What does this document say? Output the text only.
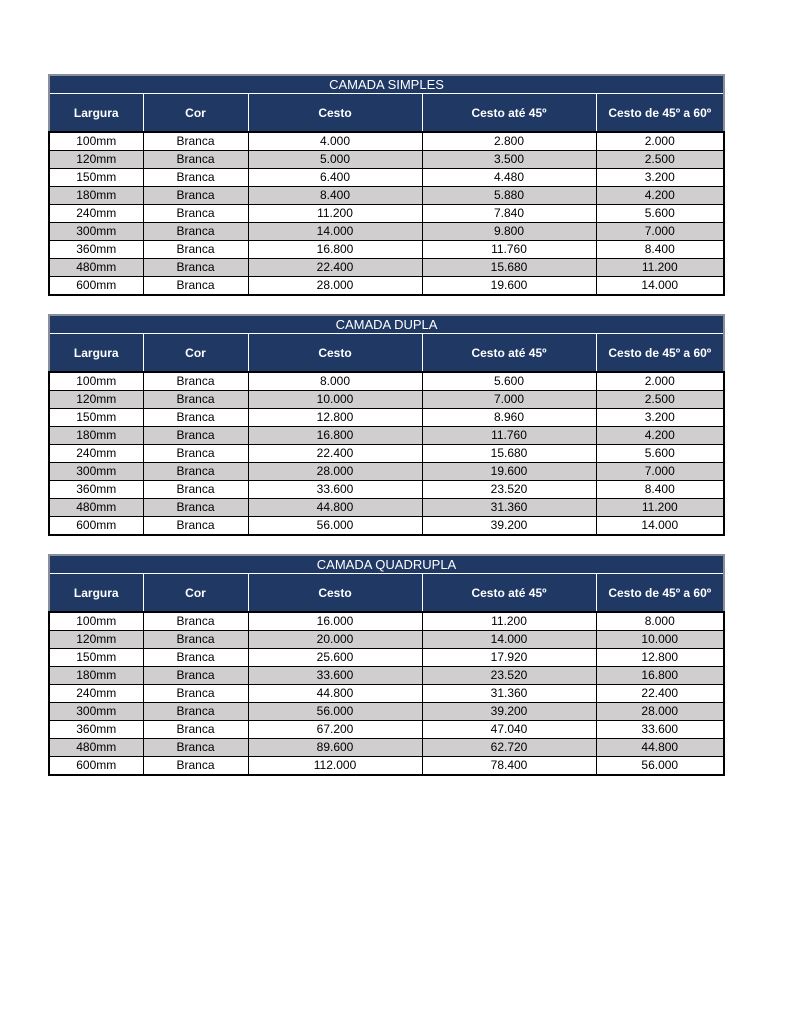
CAMADA SIMPLES				
Largura	Cor	Cesto	Cesto até 45º	Cesto de 45º a 60º
100mm	Branca	4.000	2.800	2.000
120mm	Branca	5.000	3.500	2.500
150mm	Branca	6.400	4.480	3.200
180mm	Branca	8.400	5.880	4.200
240mm	Branca	11.200	7.840	5.600
300mm	Branca	14.000	9.800	7.000
360mm	Branca	16.800	11.760	8.400
480mm	Branca	22.400	15.680	11.200
600mm	Branca	28.000	19.600	14.000
CAMADA DUPLA				
Largura	Cor	Cesto	Cesto até 45º	Cesto de 45º a 60º
100mm	Branca	8.000	5.600	2.000
120mm	Branca	10.000	7.000	2.500
150mm	Branca	12.800	8.960	3.200
180mm	Branca	16.800	11.760	4.200
240mm	Branca	22.400	15.680	5.600
300mm	Branca	28.000	19.600	7.000
360mm	Branca	33.600	23.520	8.400
480mm	Branca	44.800	31.360	11.200
600mm	Branca	56.000	39.200	14.000
CAMADA QUADRUPLA				
Largura	Cor	Cesto	Cesto até 45º	Cesto de 45º a 60º
100mm	Branca	16.000	11.200	8.000
120mm	Branca	20.000	14.000	10.000
150mm	Branca	25.600	17.920	12.800
180mm	Branca	33.600	23.520	16.800
240mm	Branca	44.800	31.360	22.400
300mm	Branca	56.000	39.200	28.000
360mm	Branca	67.200	47.040	33.600
480mm	Branca	89.600	62.720	44.800
600mm	Branca	112.000	78.400	56.000
